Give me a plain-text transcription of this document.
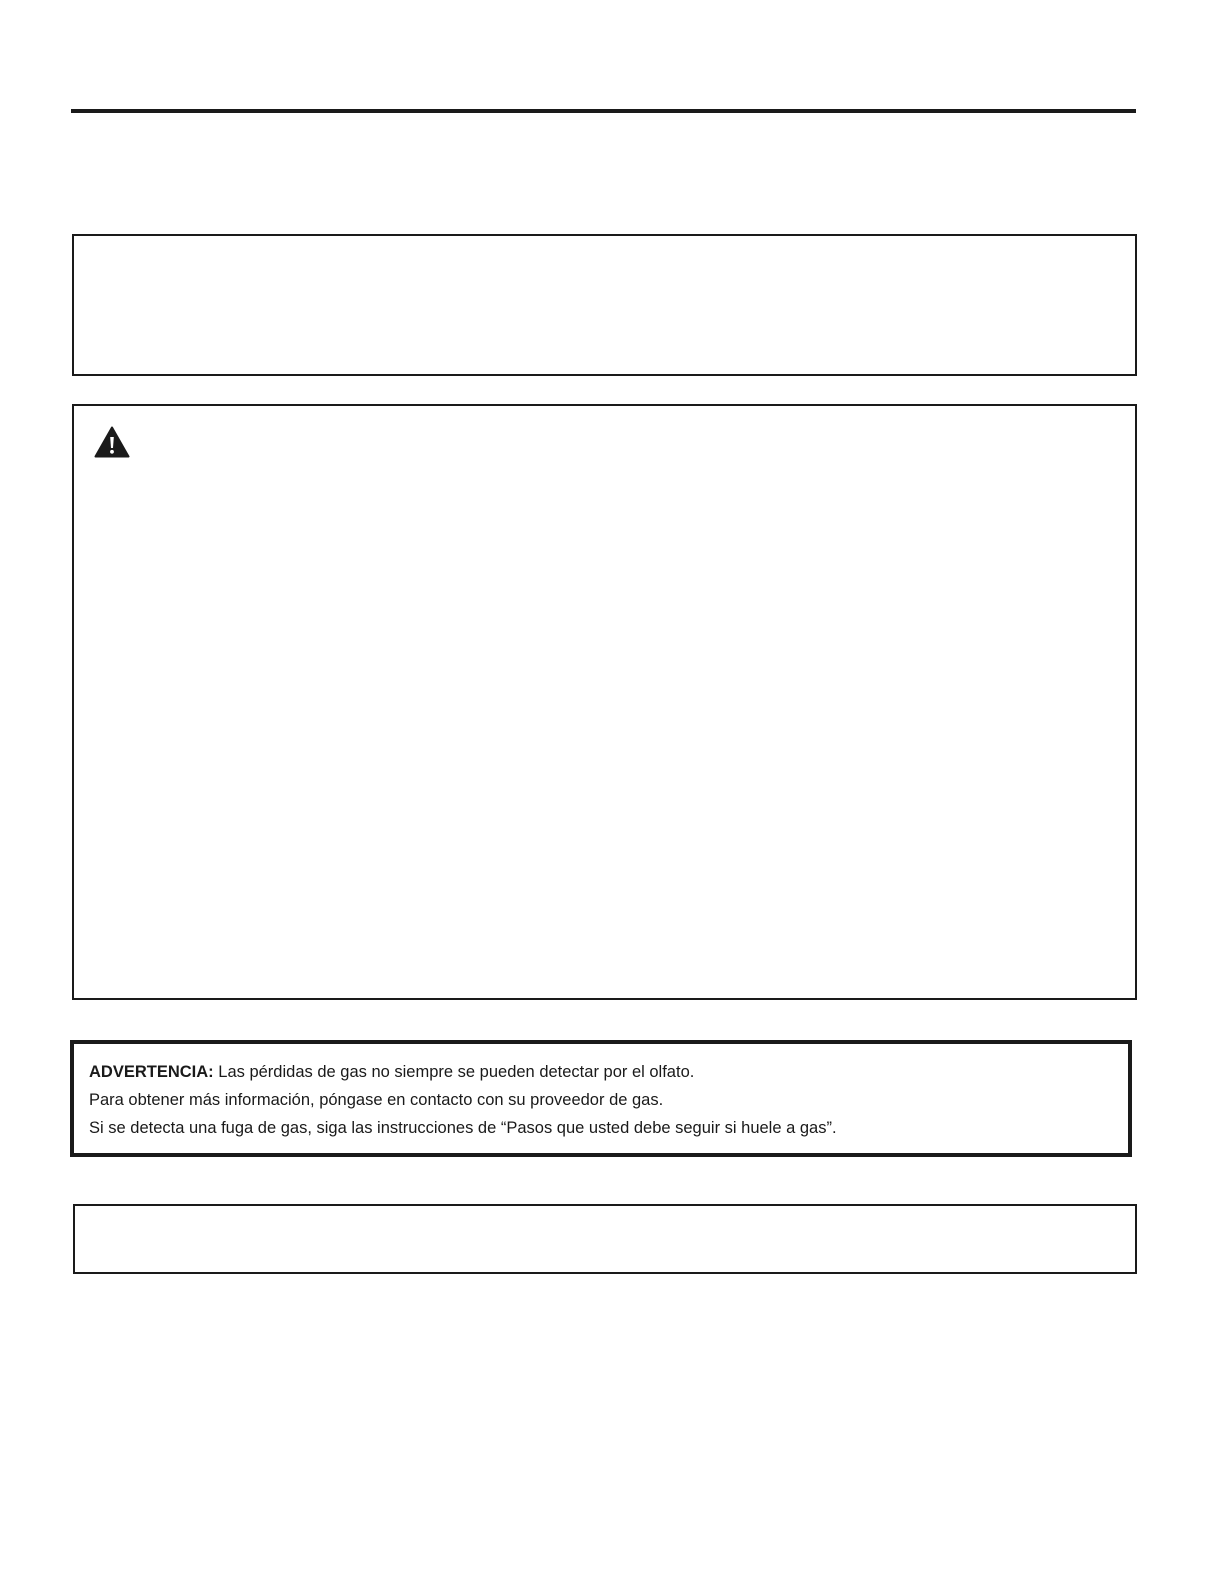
ADVERTENCIA: Las pérdidas de gas no siempre se pueden detectar por el olfato.
Para obtener más información, póngase en contacto con su proveedor de gas.
Si se detecta una fuga de gas, siga las instrucciones de “Pasos que usted debe seguir si huele a gas”.
